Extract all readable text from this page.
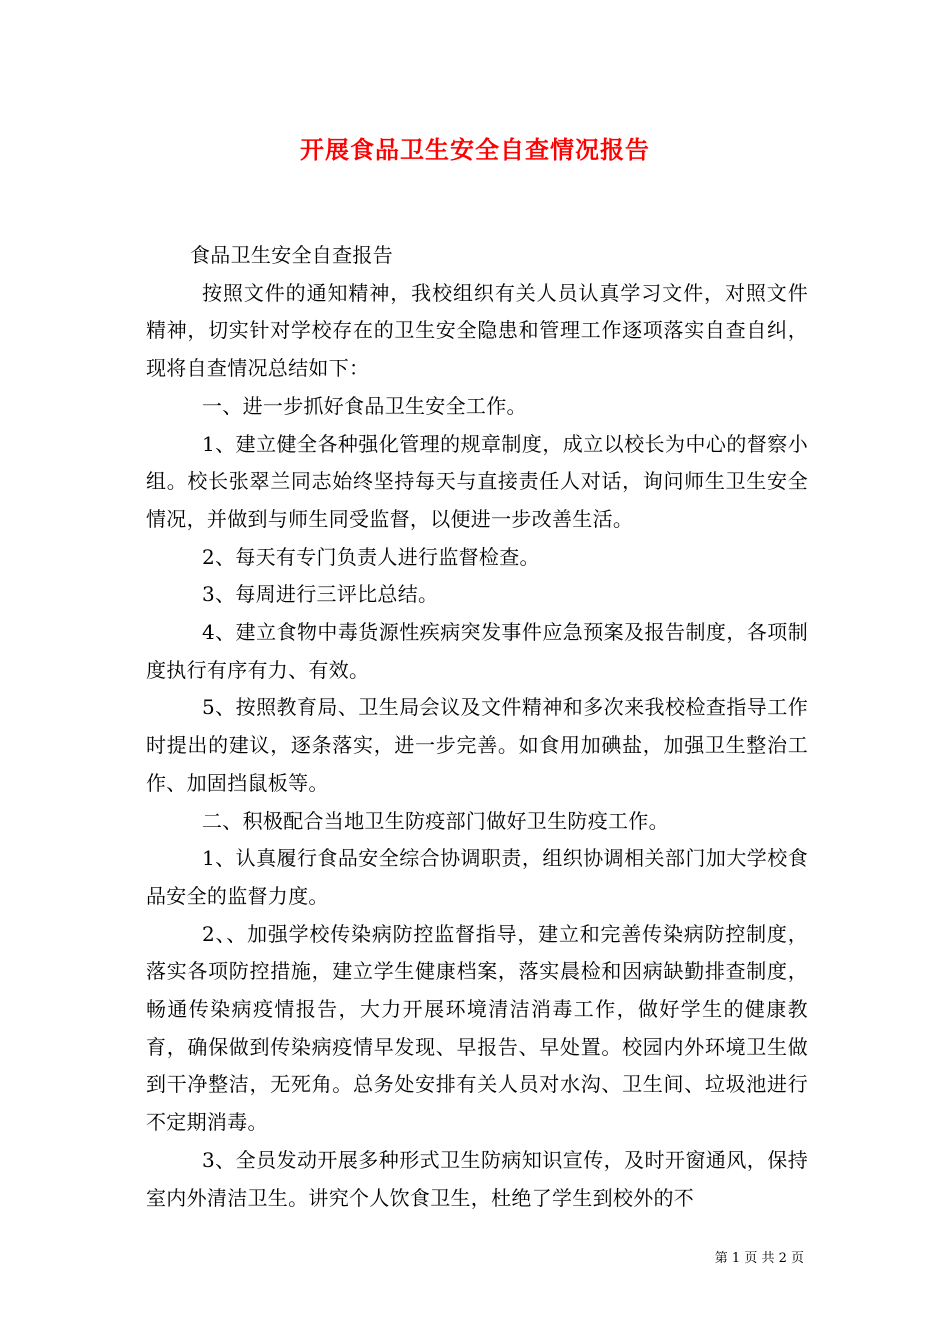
开展食品卫生安全自查情况报告

食品卫生安全自查报告

按照文件的通知精神，我校组织有关人员认真学习文件，对照文件精神，切实针对学校存在的卫生安全隐患和管理工作逐项落实自查自纠，现将自查情况总结如下：

一、进一步抓好食品卫生安全工作。

1、建立健全各种强化管理的规章制度，成立以校长为中心的督察小组。校长张翠兰同志始终坚持每天与直接责任人对话，询问师生卫生安全情况，并做到与师生同受监督，以便进一步改善生活。

2、每天有专门负责人进行监督检查。

3、每周进行三评比总结。

4、建立食物中毒货源性疾病突发事件应急预案及报告制度，各项制度执行有序有力、有效。

5、按照教育局、卫生局会议及文件精神和多次来我校检查指导工作时提出的建议，逐条落实，进一步完善。如食用加碘盐，加强卫生整治工作、加固挡鼠板等。

二、积极配合当地卫生防疫部门做好卫生防疫工作。

1、认真履行食品安全综合协调职责，组织协调相关部门加大学校食品安全的监督力度。

2、、加强学校传染病防控监督指导，建立和完善传染病防控制度，落实各项防控措施，建立学生健康档案，落实晨检和因病缺勤排查制度，畅通传染病疫情报告，大力开展环境清洁消毒工作，做好学生的健康教育，确保做到传染病疫情早发现、早报告、早处置。校园内外环境卫生做到干净整洁，无死角。总务处安排有关人员对水沟、卫生间、垃圾池进行不定期消毒。

3、全员发动开展多种形式卫生防病知识宣传，及时开窗通风，保持室内外清洁卫生。讲究个人饮食卫生，杜绝了学生到校外的不

第 1 页 共 2 页
